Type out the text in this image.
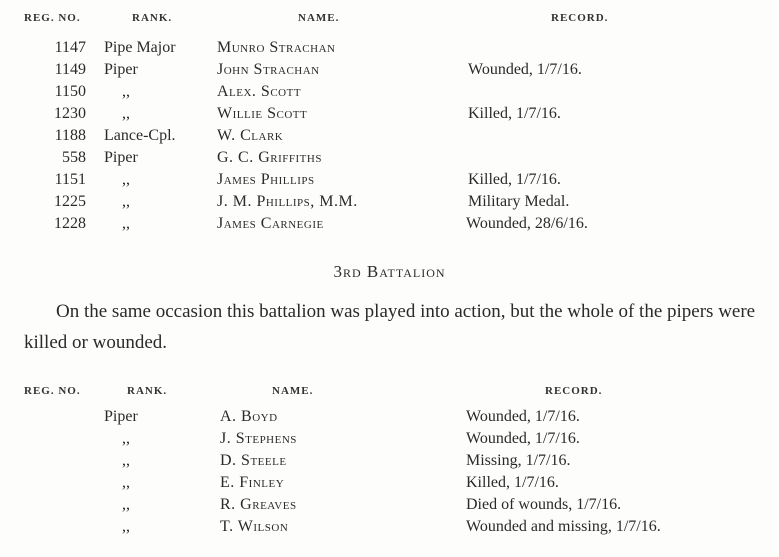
REG. NO.	RANK.	NAME.	RECORD.
1147 Pipe Major	Munro Strachan
1149 Piper	John Strachan	Wounded, 1/7/16.
1150 ,,	Alex. Scott
1230 ,,	Willie Scott	Killed, 1/7/16.
1188 Lance-Cpl.	W. Clark
558 Piper	G. C. Griffiths
1151 ,,	James Phillips	Killed, 1/7/16.
1225 ,,	J. M. Phillips, M.M.	Military Medal.
1228 ,,	James Carnegie	Wounded, 28/6/16.
3rd Battalion
On the same occasion this battalion was played into action, but the whole of the pipers were killed or wounded.
REG. NO.	RANK.	NAME.	RECORD.
Piper	A. Boyd	Wounded, 1/7/16.
,,	J. Stephens	Wounded, 1/7/16.
,,	D. Steele	Missing, 1/7/16.
,,	E. Finley	Killed, 1/7/16.
,,	R. Greaves	Died of wounds, 1/7/16.
,,	T. Wilson	Wounded and missing, 1/7/16.
